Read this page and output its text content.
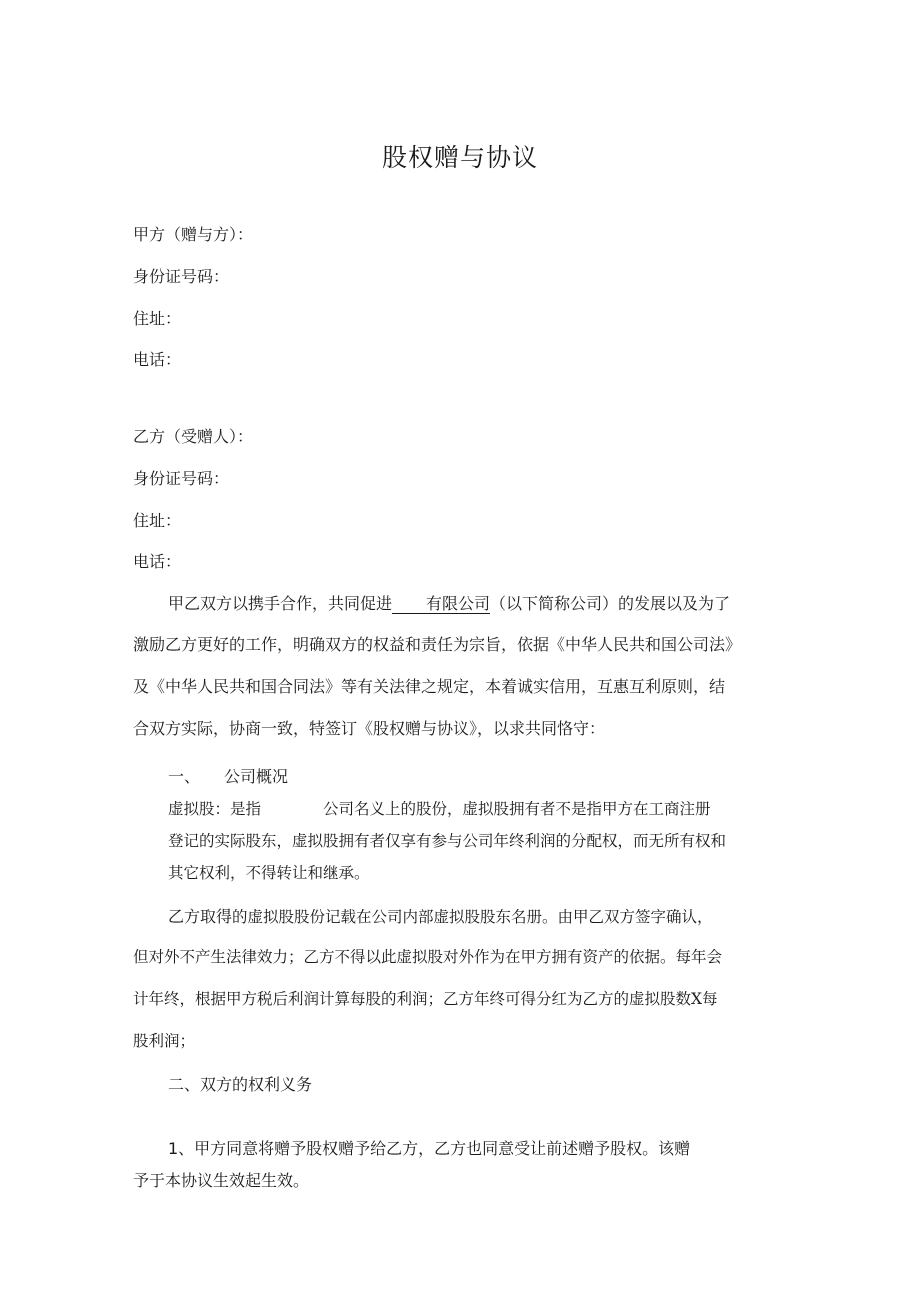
股权赠与协议
甲方（赠与方）：
身份证号码：
住址：
电话：
乙方（受赠人）：
身份证号码：
住址：
电话：
甲乙双方以携手合作，共同促进 有限公司（以下简称公司）的发展以及为了
激励乙方更好的工作，明确双方的权益和责任为宗旨，依据《中华人民共和国公司法》
及《中华人民共和国合同法》等有关法律之规定，本着诚实信用，互惠互利原则，结
合双方实际，协商一致，特签订《股权赠与协议》，以求共同恪守：
一、 公司概况
虚拟股：是指	公司名义上的股份，虚拟股拥有者不是指甲方在工商注册
登记的实际股东，虚拟股拥有者仅享有参与公司年终利润的分配权，而无所有权和
其它权利，不得转让和继承。
乙方取得的虚拟股股份记载在公司内部虚拟股股东名册。由甲乙双方签字确认，
但对外不产生法律效力；乙方不得以此虚拟股对外作为在甲方拥有资产的依据。每年会
计年终，根据甲方税后利润计算每股的利润；乙方年终可得分红为乙方的虚拟股数X每
股利润；
二、双方的权利义务
1、甲方同意将赠予股权赠予给乙方，乙方也同意受让前述赠予股权。该赠
予于本协议生效起生效。
